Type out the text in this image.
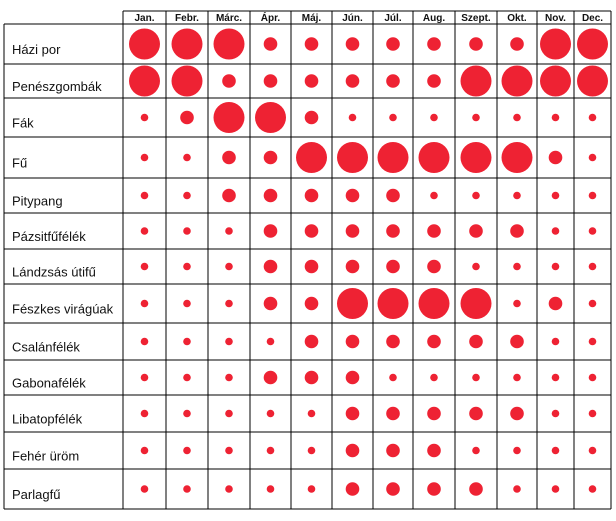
Jan. Febr. Márc. Ápr. Máj. Jún. Júl. Aug. Szept. Okt. Nov. Dec.
Házi por
Penészgombák
Fák
Fű
Pitypang
Pázsitfűfélék
Lándzsás útifű
Fészkes virágúak
Csalánfélék
Gabonafélék
Libatopfélék
Fehér üröm
Parlagfű
